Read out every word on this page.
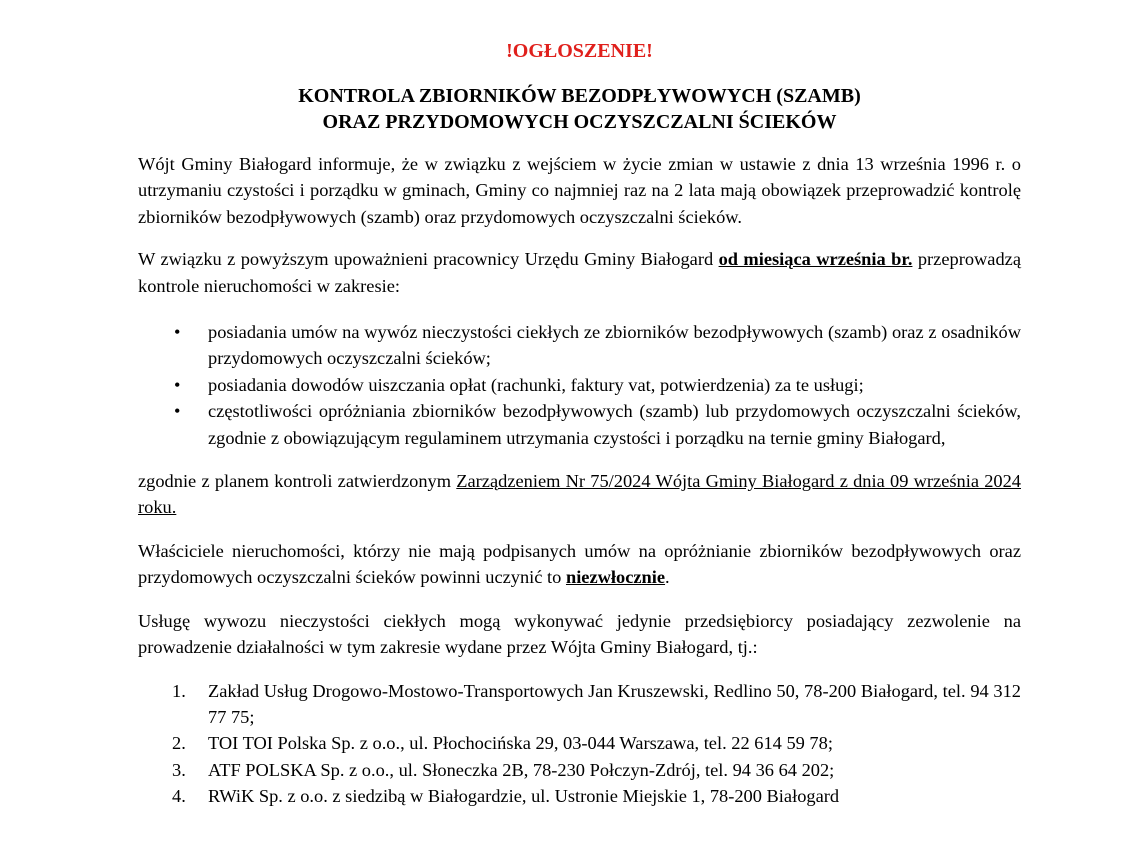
!OGŁOSZENIE!
KONTROLA ZBIORNIKÓW BEZODPŁYWOWYCH (SZAMB)
ORAZ PRZYDOMOWYCH OCZYSZCZALNI ŚCIEKÓW

Wójt Gminy Białogard informuje, że w związku z wejściem w życie zmian w ustawie z dnia 13 września 1996 r. o utrzymaniu czystości i porządku w gminach, Gminy co najmniej raz na 2 lata mają obowiązek przeprowadzić kontrolę zbiorników bezodpływowych (szamb) oraz przydomowych oczyszczalni ścieków.

W związku z powyższym upoważnieni pracownicy Urzędu Gminy Białogard od miesiąca września br. przeprowadzą kontrole nieruchomości w zakresie:

• posiadania umów na wywóz nieczystości ciekłych ze zbiorników bezodpływowych (szamb) oraz z osadników przydomowych oczyszczalni ścieków;
• posiadania dowodów uiszczania opłat (rachunki, faktury vat, potwierdzenia) za te usługi;
• częstotliwości opróżniania zbiorników bezodpływowych (szamb) lub przydomowych oczyszczalni ścieków, zgodnie z obowiązującym regulaminem utrzymania czystości i porządku na ternie gminy Białogard,

zgodnie z planem kontroli zatwierdzonym Zarządzeniem Nr 75/2024 Wójta Gminy Białogard z dnia 09 września 2024 roku.

Właściciele nieruchomości, którzy nie mają podpisanych umów na opróżnianie zbiorników bezodpływowych oraz przydomowych oczyszczalni ścieków powinni uczynić to niezwłocznie.

Usługę wywozu nieczystości ciekłych mogą wykonywać jedynie przedsiębiorcy posiadający zezwolenie na prowadzenie działalności w tym zakresie wydane przez Wójta Gminy Białogard, tj.:

1. Zakład Usług Drogowo-Mostowo-Transportowych Jan Kruszewski, Redlino 50, 78-200 Białogard, tel. 94 312 77 75;
2. TOI TOI Polska Sp. z o.o., ul. Płochocińska 29, 03-044 Warszawa, tel. 22 614 59 78;
3. ATF POLSKA Sp. z o.o., ul. Słoneczka 2B, 78-230 Połczyn-Zdrój, tel. 94 36 64 202;
4. RWiK Sp. z o.o. z siedzibą w Białogardzie, ul. Ustronie Miejskie 1, 78-200 Białogard
